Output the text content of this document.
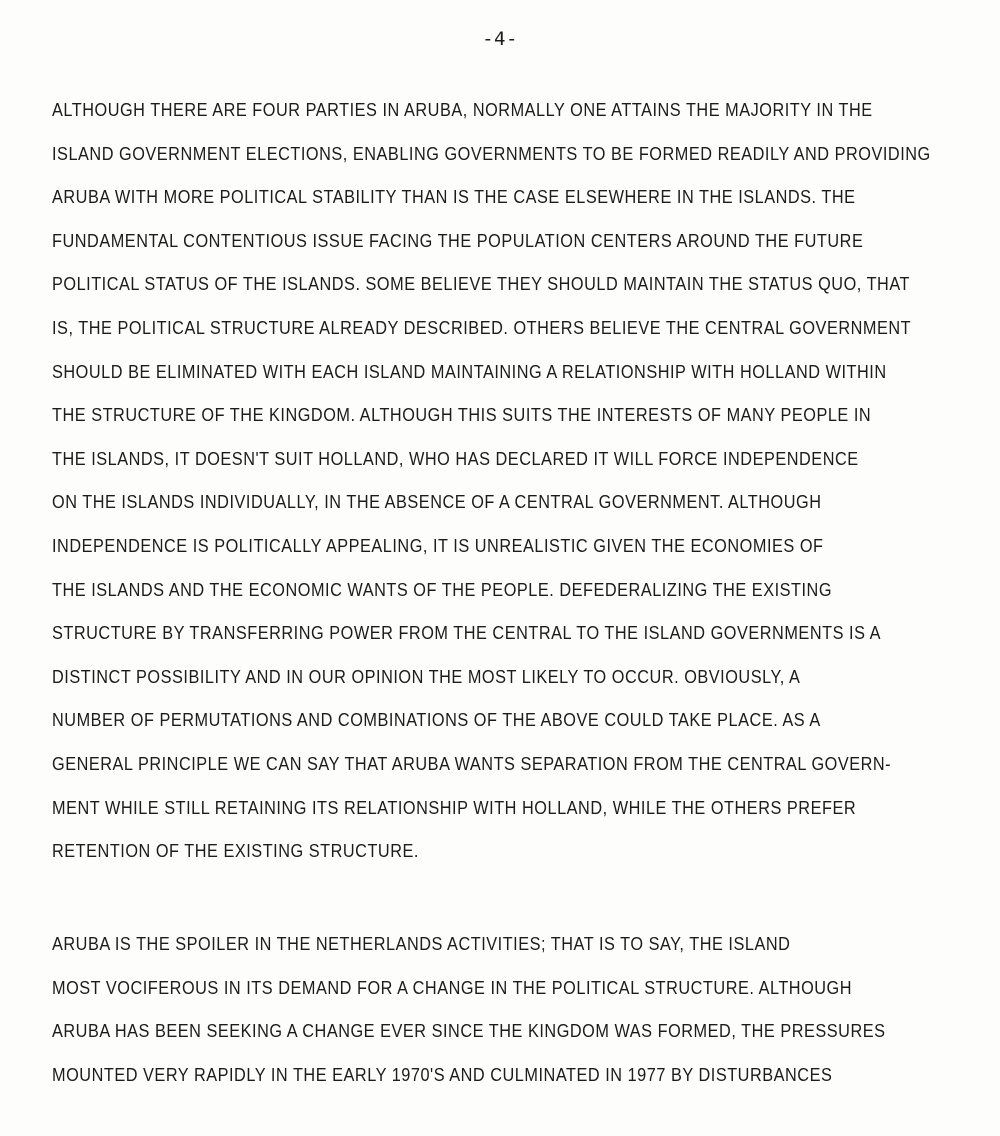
-4-
ALTHOUGH THERE ARE FOUR PARTIES IN ARUBA, NORMALLY ONE ATTAINS THE MAJORITY IN THE
ISLAND GOVERNMENT ELECTIONS, ENABLING GOVERNMENTS TO BE FORMED READILY AND PROVIDING
ARUBA WITH MORE POLITICAL STABILITY THAN IS THE CASE ELSEWHERE IN THE ISLANDS. THE
FUNDAMENTAL CONTENTIOUS ISSUE FACING THE POPULATION CENTERS AROUND THE FUTURE
POLITICAL STATUS OF THE ISLANDS. SOME BELIEVE THEY SHOULD MAINTAIN THE STATUS QUO, THAT
IS, THE POLITICAL STRUCTURE ALREADY DESCRIBED. OTHERS BELIEVE THE CENTRAL GOVERNMENT
SHOULD BE ELIMINATED WITH EACH ISLAND MAINTAINING A RELATIONSHIP WITH HOLLAND WITHIN
THE STRUCTURE OF THE KINGDOM. ALTHOUGH THIS SUITS THE INTERESTS OF MANY PEOPLE IN
THE ISLANDS, IT DOESN'T SUIT HOLLAND, WHO HAS DECLARED IT WILL FORCE INDEPENDENCE
ON THE ISLANDS INDIVIDUALLY, IN THE ABSENCE OF A CENTRAL GOVERNMENT. ALTHOUGH
INDEPENDENCE IS POLITICALLY APPEALING, IT IS UNREALISTIC GIVEN THE ECONOMIES OF
THE ISLANDS AND THE ECONOMIC WANTS OF THE PEOPLE. DEFEDERALIZING THE EXISTING
STRUCTURE BY TRANSFERRING POWER FROM THE CENTRAL TO THE ISLAND GOVERNMENTS IS A
DISTINCT POSSIBILITY AND IN OUR OPINION THE MOST LIKELY TO OCCUR. OBVIOUSLY, A
NUMBER OF PERMUTATIONS AND COMBINATIONS OF THE ABOVE COULD TAKE PLACE. AS A
GENERAL PRINCIPLE WE CAN SAY THAT ARUBA WANTS SEPARATION FROM THE CENTRAL GOVERN-
MENT WHILE STILL RETAINING ITS RELATIONSHIP WITH HOLLAND, WHILE THE OTHERS PREFER
RETENTION OF THE EXISTING STRUCTURE.
ARUBA IS THE SPOILER IN THE NETHERLANDS ACTIVITIES; THAT IS TO SAY, THE ISLAND
MOST VOCIFEROUS IN ITS DEMAND FOR A CHANGE IN THE POLITICAL STRUCTURE. ALTHOUGH
ARUBA HAS BEEN SEEKING A CHANGE EVER SINCE THE KINGDOM WAS FORMED, THE PRESSURES
MOUNTED VERY RAPIDLY IN THE EARLY 1970'S AND CULMINATED IN 1977 BY DISTURBANCES
